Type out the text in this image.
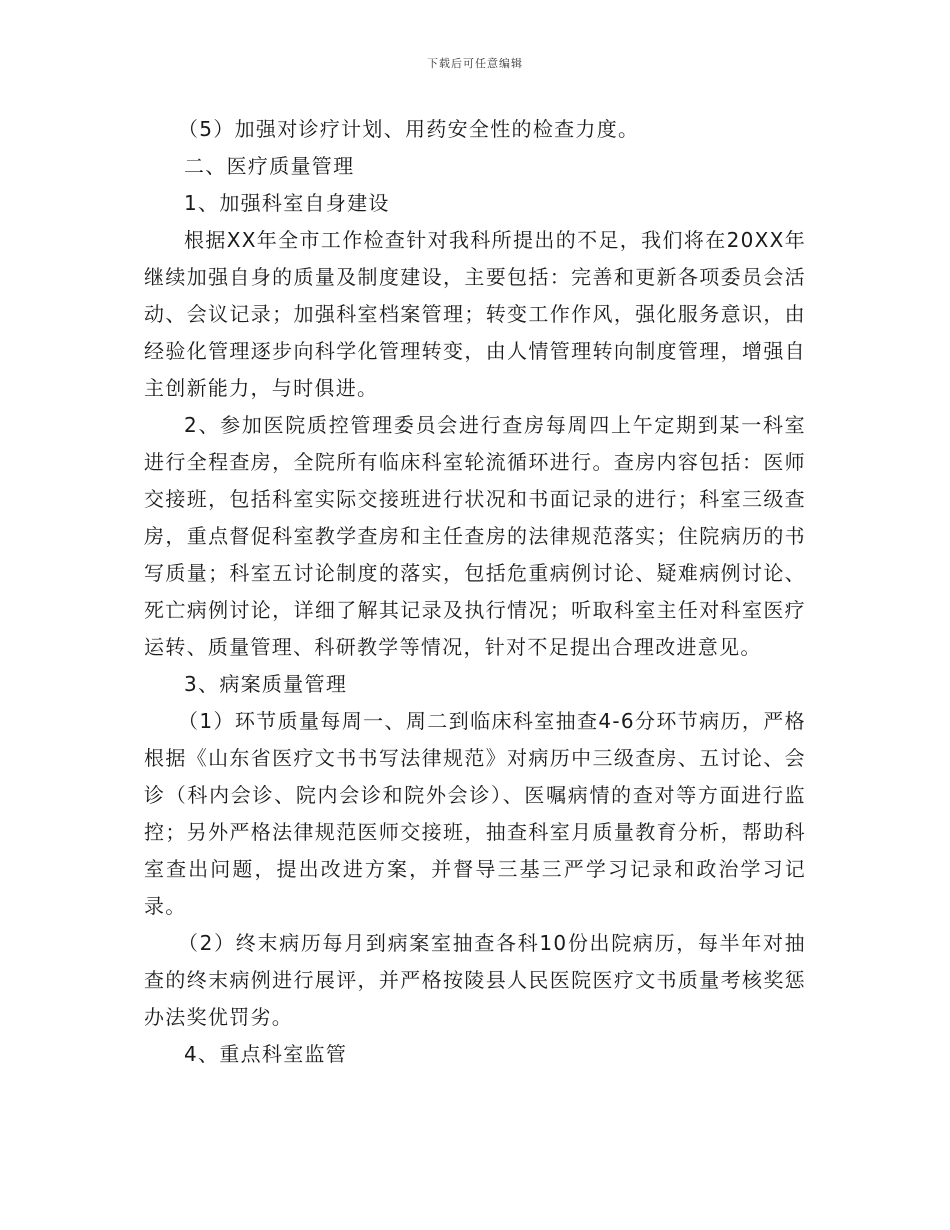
下载后可任意编辑

（5）加强对诊疗计划、用药安全性的检查力度。

二、医疗质量管理

1、加强科室自身建设

根据XX年全市工作检查针对我科所提出的不足，我们将在20XX年继续加强自身的质量及制度建设，主要包括：完善和更新各项委员会活动、会议记录；加强科室档案管理；转变工作作风，强化服务意识，由经验化管理逐步向科学化管理转变，由人情管理转向制度管理，增强自主创新能力，与时俱进。

2、参加医院质控管理委员会进行查房每周四上午定期到某一科室进行全程查房，全院所有临床科室轮流循环进行。查房内容包括：医师交接班，包括科室实际交接班进行状况和书面记录的进行；科室三级查房，重点督促科室教学查房和主任查房的法律规范落实；住院病历的书写质量；科室五讨论制度的落实，包括危重病例讨论、疑难病例讨论、死亡病例讨论，详细了解其记录及执行情况；听取科室主任对科室医疗运转、质量管理、科研教学等情况，针对不足提出合理改进意见。

3、病案质量管理

（1）环节质量每周一、周二到临床科室抽查4-6分环节病历，严格根据《山东省医疗文书书写法律规范》对病历中三级查房、五讨论、会诊（科内会诊、院内会诊和院外会诊）、医嘱病情的查对等方面进行监控；另外严格法律规范医师交接班，抽查科室月质量教育分析，帮助科室查出问题，提出改进方案，并督导三基三严学习记录和政治学习记录。

（2）终末病历每月到病案室抽查各科10份出院病历，每半年对抽查的终末病例进行展评，并严格按陵县人民医院医疗文书质量考核奖惩办法奖优罚劣。

4、重点科室监管
